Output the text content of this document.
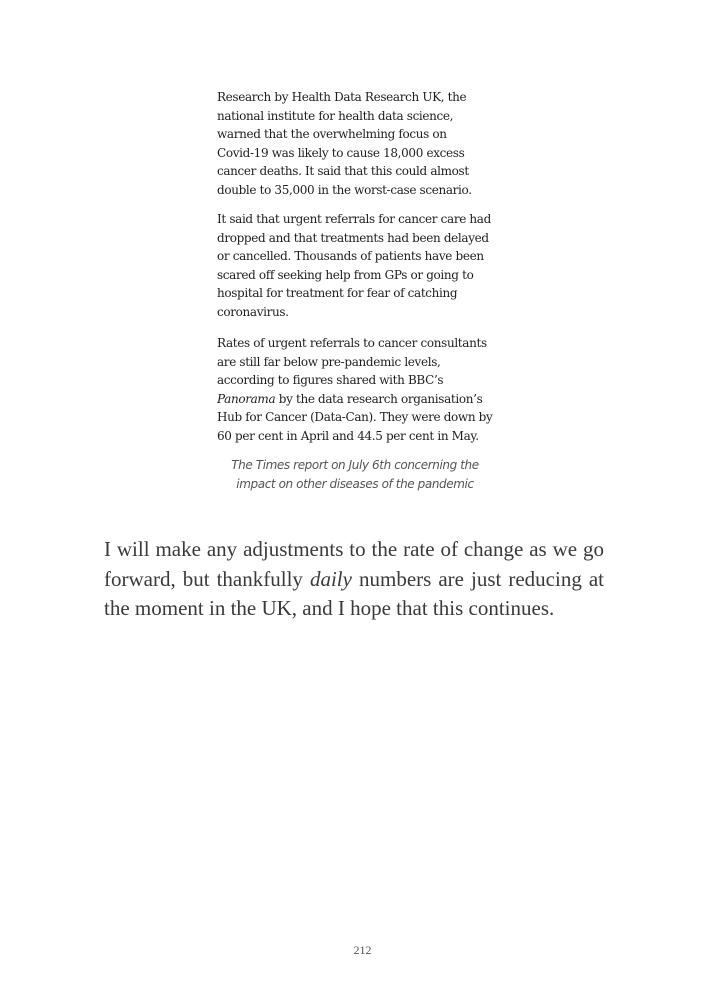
Research by Health Data Research UK, the
national institute for health data science,
warned that the overwhelming focus on
Covid-19 was likely to cause 18,000 excess
cancer deaths. It said that this could almost
double to 35,000 in the worst-case scenario.

It said that urgent referrals for cancer care had
dropped and that treatments had been delayed
or cancelled. Thousands of patients have been
scared off seeking help from GPs or going to
hospital for treatment for fear of catching
coronavirus.

Rates of urgent referrals to cancer consultants
are still far below pre-pandemic levels,
according to figures shared with BBC’s
Panorama by the data research organisation’s
Hub for Cancer (Data-Can). They were down by
60 per cent in April and 44.5 per cent in May.

The Times report on July 6th concerning the
impact on other diseases of the pandemic

I will make any adjustments to the rate of change as we go forward, but thankfully daily numbers are just reducing at the moment in the UK, and I hope that this continues.

212
